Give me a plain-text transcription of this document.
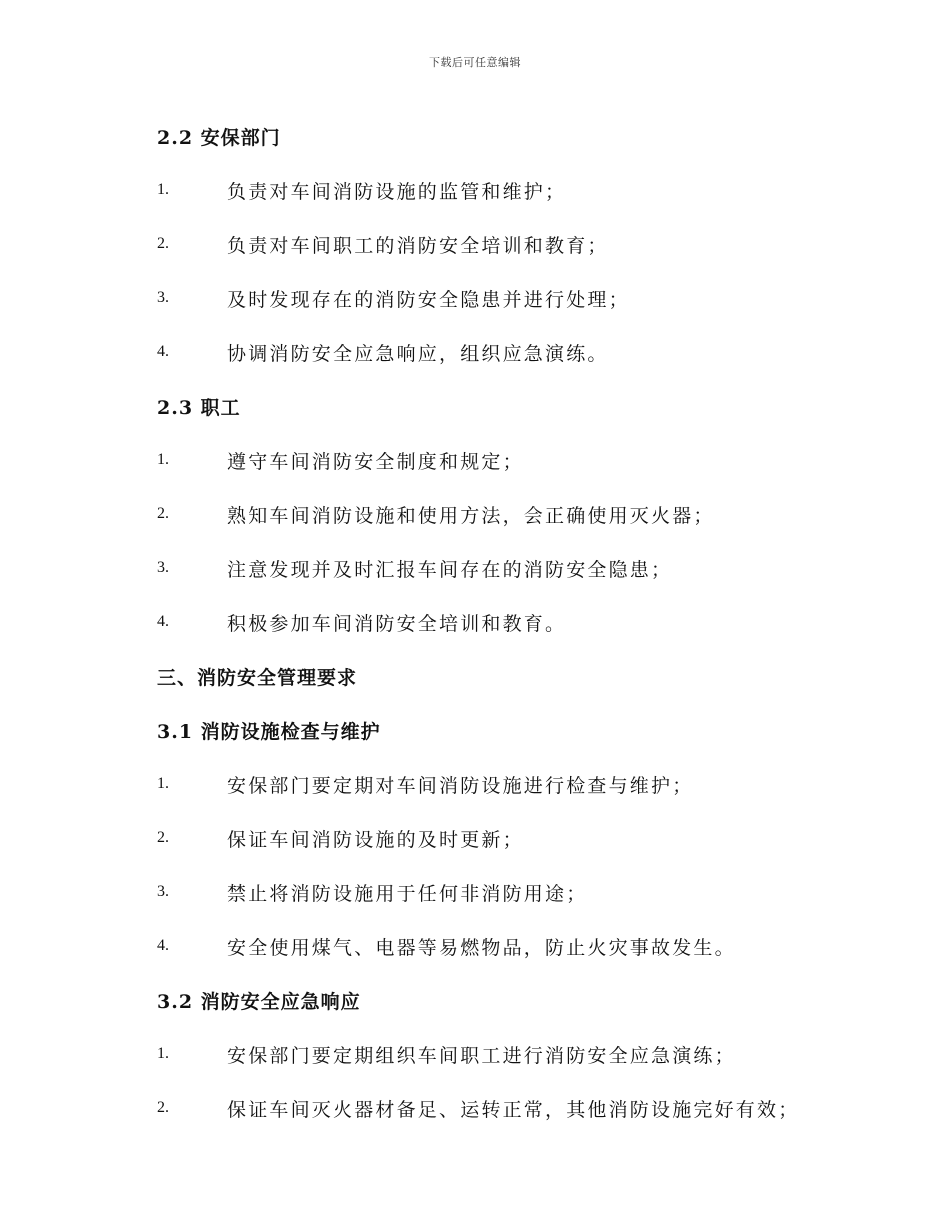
下载后可任意编辑
2.2 安保部门
1.	负责对车间消防设施的监管和维护；
2.	负责对车间职工的消防安全培训和教育；
3.	及时发现存在的消防安全隐患并进行处理；
4.	协调消防安全应急响应，组织应急演练。
2.3 职工
1.	遵守车间消防安全制度和规定；
2.	熟知车间消防设施和使用方法，会正确使用灭火器；
3.	注意发现并及时汇报车间存在的消防安全隐患；
4.	积极参加车间消防安全培训和教育。
三、消防安全管理要求
3.1 消防设施检查与维护
1.	安保部门要定期对车间消防设施进行检查与维护；
2.	保证车间消防设施的及时更新；
3.	禁止将消防设施用于任何非消防用途；
4.	安全使用煤气、电器等易燃物品，防止火灾事故发生。
3.2 消防安全应急响应
1.	安保部门要定期组织车间职工进行消防安全应急演练；
2.	保证车间灭火器材备足、运转正常，其他消防设施完好有效；
